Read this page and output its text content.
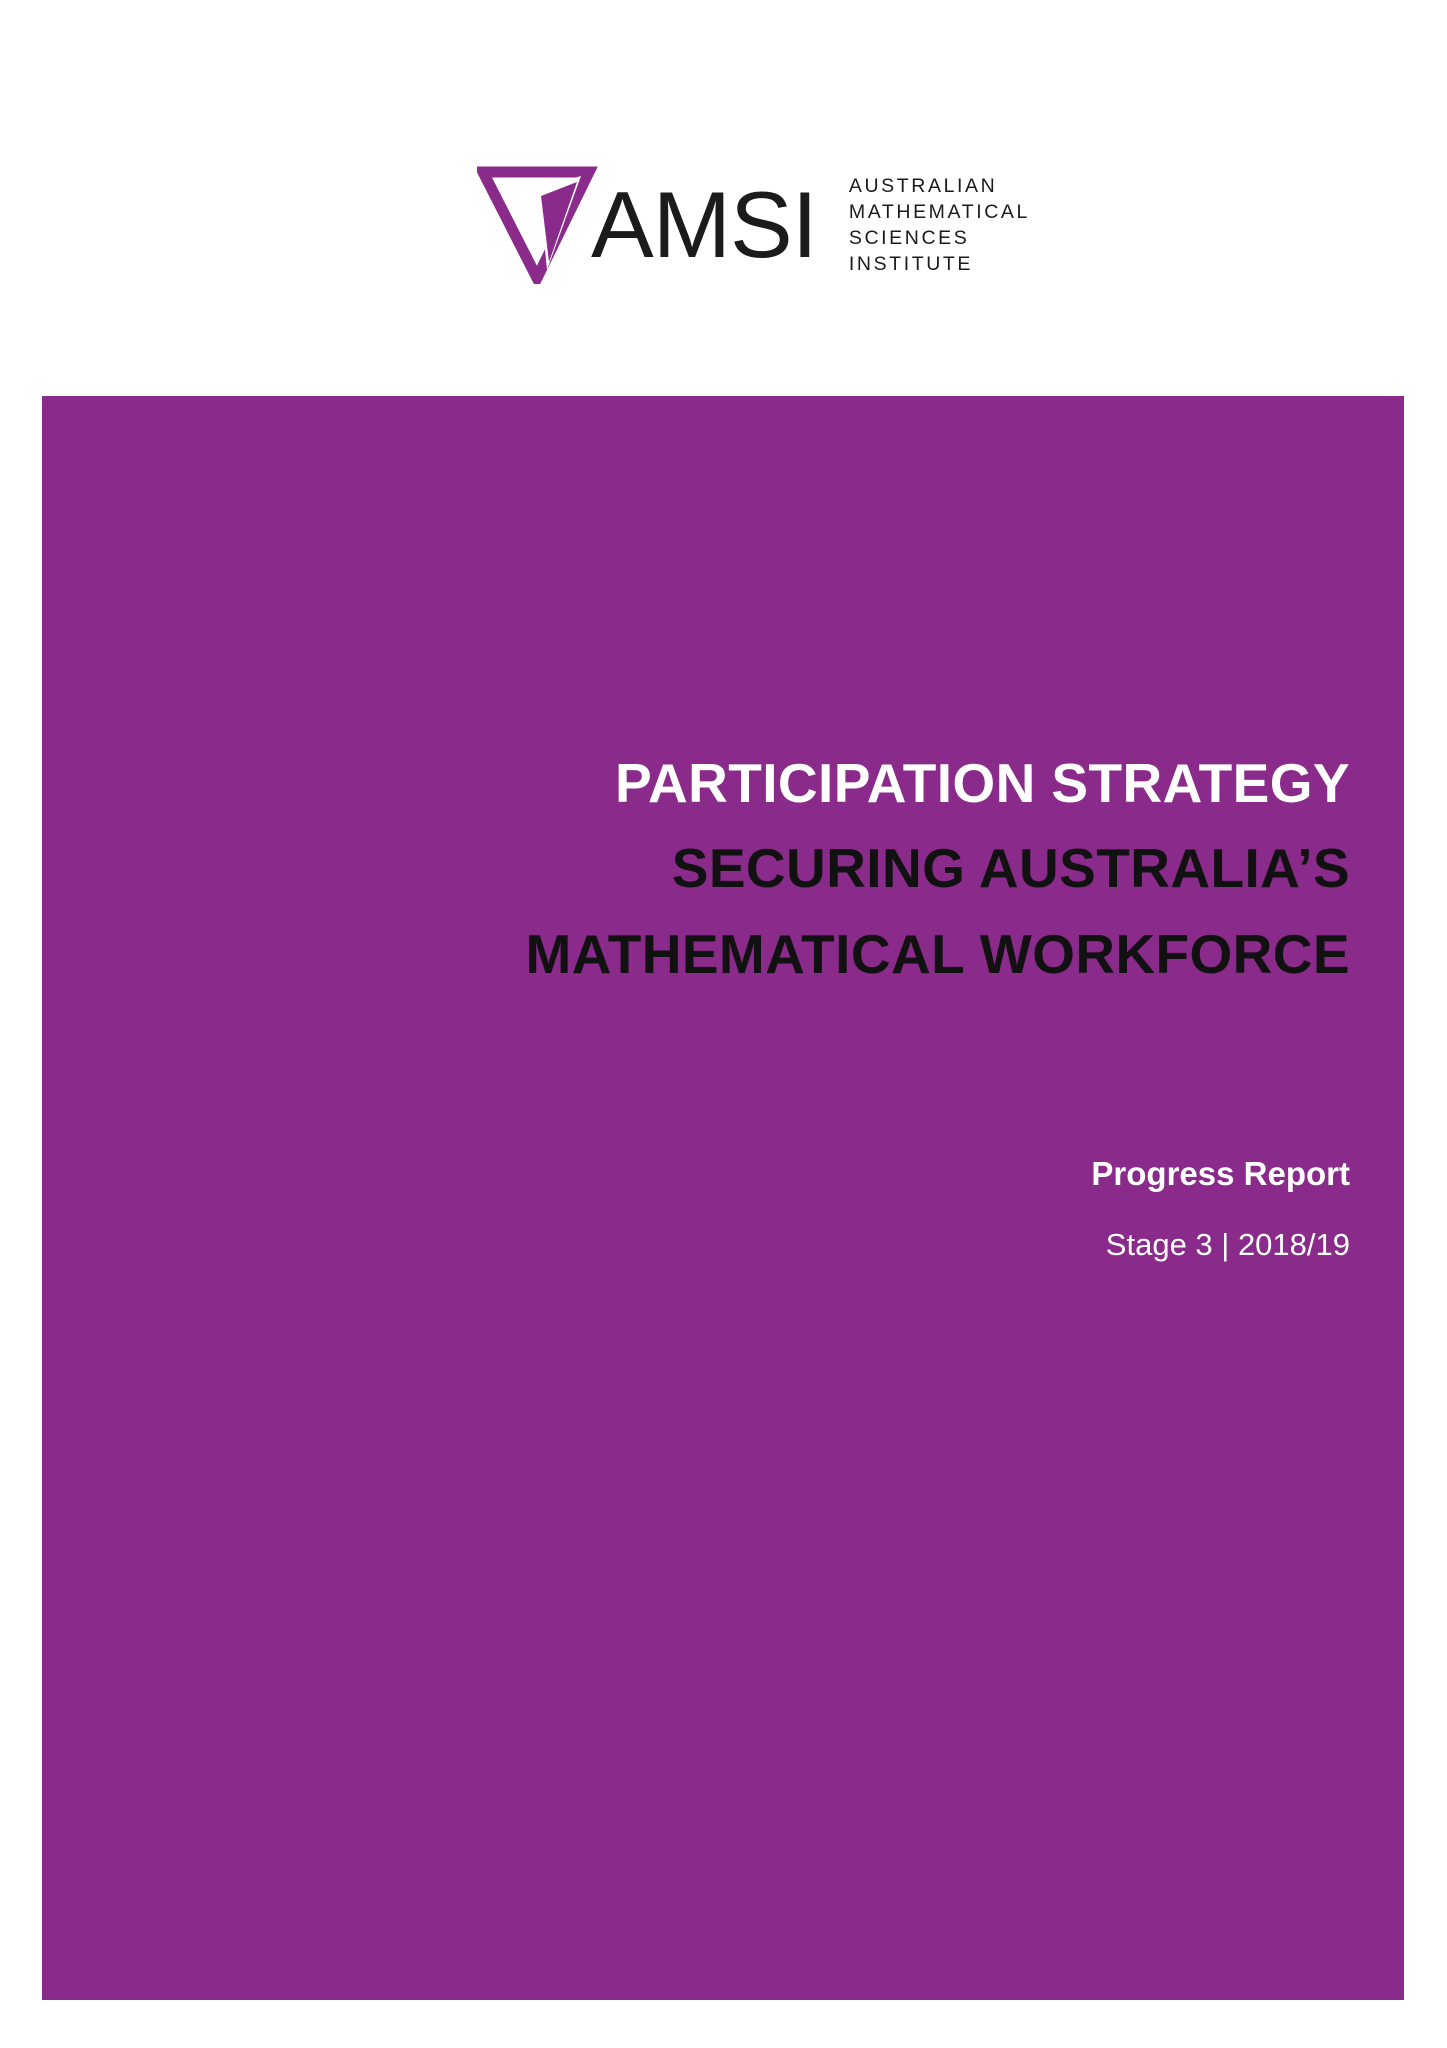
AMSI AUSTRALIAN
MATHEMATICAL
SCIENCES
INSTITUTE
PARTICIPATION STRATEGY
SECURING AUSTRALIA’S
MATHEMATICAL WORKFORCE
Progress Report
Stage 3 | 2018/19
